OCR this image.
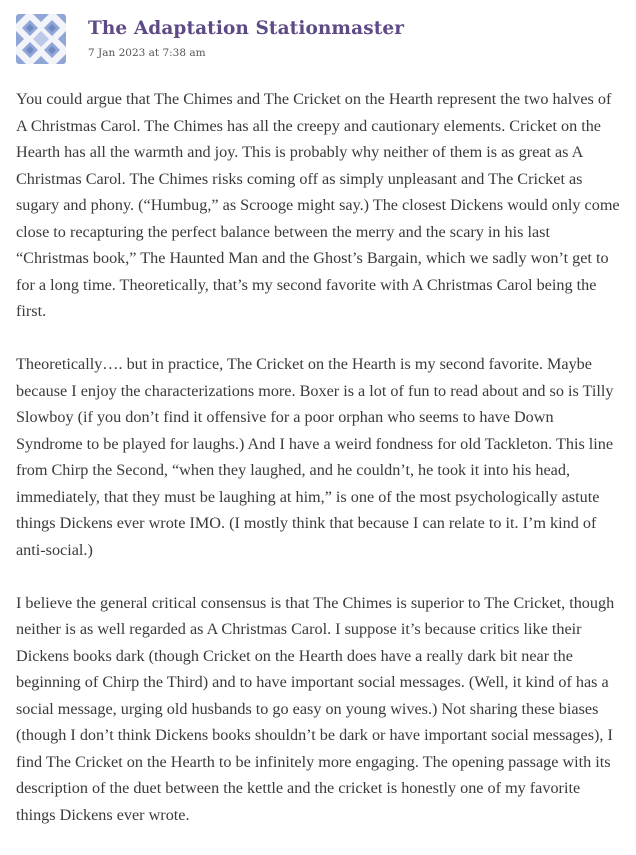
The Adaptation Stationmaster
7 Jan 2023 at 7:38 am

You could argue that The Chimes and The Cricket on the Hearth represent the two halves of A Christmas Carol. The Chimes has all the creepy and cautionary elements. Cricket on the Hearth has all the warmth and joy. This is probably why neither of them is as great as A Christmas Carol. The Chimes risks coming off as simply unpleasant and The Cricket as sugary and phony. (“Humbug,” as Scrooge might say.) The closest Dickens would only come close to recapturing the perfect balance between the merry and the scary in his last “Christmas book,” The Haunted Man and the Ghost’s Bargain, which we sadly won’t get to for a long time. Theoretically, that’s my second favorite with A Christmas Carol being the first.

Theoretically…. but in practice, The Cricket on the Hearth is my second favorite. Maybe because I enjoy the characterizations more. Boxer is a lot of fun to read about and so is Tilly Slowboy (if you don’t find it offensive for a poor orphan who seems to have Down Syndrome to be played for laughs.) And I have a weird fondness for old Tackleton. This line from Chirp the Second, “when they laughed, and he couldn’t, he took it into his head, immediately, that they must be laughing at him,” is one of the most psychologically astute things Dickens ever wrote IMO. (I mostly think that because I can relate to it. I’m kind of anti-social.)

I believe the general critical consensus is that The Chimes is superior to The Cricket, though neither is as well regarded as A Christmas Carol. I suppose it’s because critics like their Dickens books dark (though Cricket on the Hearth does have a really dark bit near the beginning of Chirp the Third) and to have important social messages. (Well, it kind of has a social message, urging old husbands to go easy on young wives.) Not sharing these biases (though I don’t think Dickens books shouldn’t be dark or have important social messages), I find The Cricket on the Hearth to be infinitely more engaging. The opening passage with its description of the duet between the kettle and the cricket is honestly one of my favorite things Dickens ever wrote.
